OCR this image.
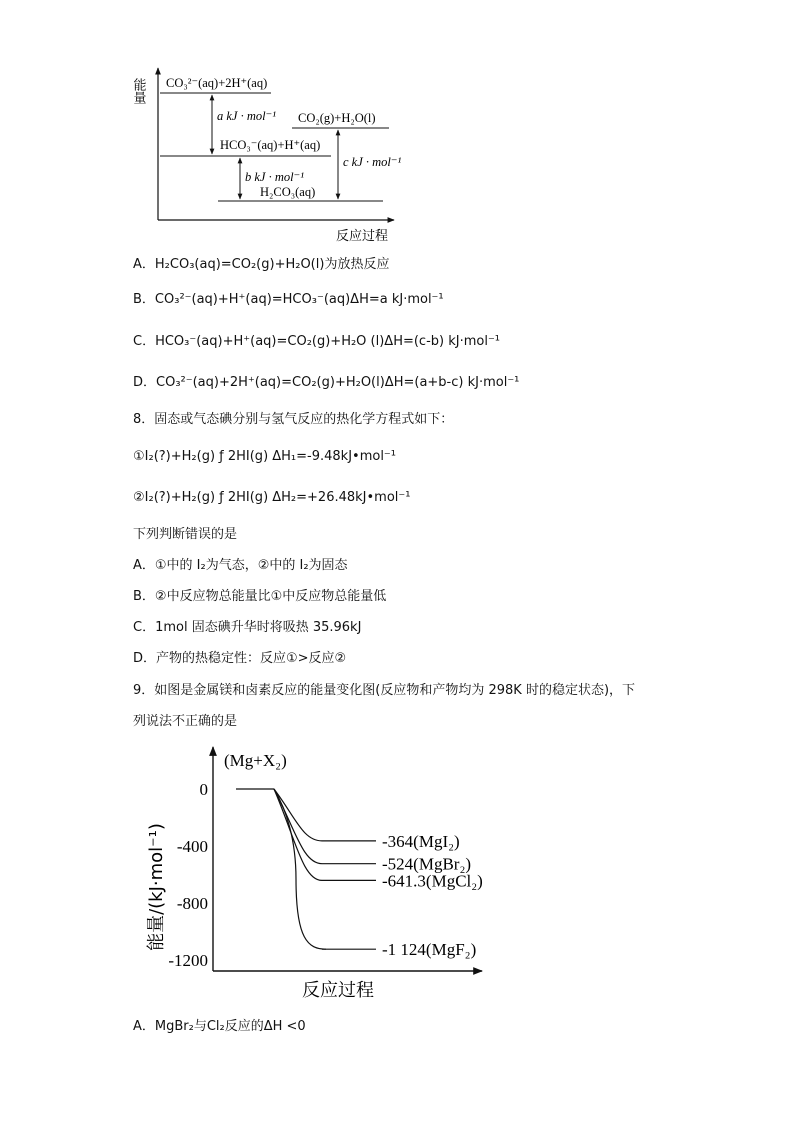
能量
反应过程
CO₃²⁻(aq)+2H⁺(aq)
CO₂(g)+H₂O(l)
HCO₃⁻(aq)+H⁺(aq)
H₂CO₃(aq)
a kJ · mol⁻¹
b kJ · mol⁻¹
c kJ · mol⁻¹
A．H₂CO₃(aq)=CO₂(g)+H₂O(l)为放热反应
B．CO₃²⁻(aq)+H⁺(aq)=HCO₃⁻(aq)ΔH=a kJ·mol⁻¹
C．HCO₃⁻(aq)+H⁺(aq)=CO₂(g)+H₂O (l)ΔH=(c-b) kJ·mol⁻¹
D．CO₃²⁻(aq)+2H⁺(aq)=CO₂(g)+H₂O(l)ΔH=(a+b-c) kJ·mol⁻¹
8．固态或气态碘分别与氢气反应的热化学方程式如下：
①I₂(?)+H₂(g) ƒ 2HI(g) ΔH₁=-9.48kJ•mol⁻¹
②I₂(?)+H₂(g) ƒ 2HI(g) ΔH₂=+26.48kJ•mol⁻¹
下列判断错误的是
A．①中的 I₂为气态，②中的 I₂为固态
B．②中反应物总能量比①中反应物总能量低
C．1mol 固态碘升华时将吸热 35.96kJ
D．产物的热稳定性：反应①>反应②
9．如图是金属镁和卤素反应的能量变化图(反应物和产物均为 298K 时的稳定状态)，下
列说法不正确的是
(Mg+X₂)
反应过程
能量/(kJ·mol⁻¹)
0
-400
-800
-1200
-364(MgI₂)
-524(MgBr₂)
-641.3(MgCl₂)
-1 124(MgF₂)
A．MgBr₂与Cl₂反应的ΔH <0
